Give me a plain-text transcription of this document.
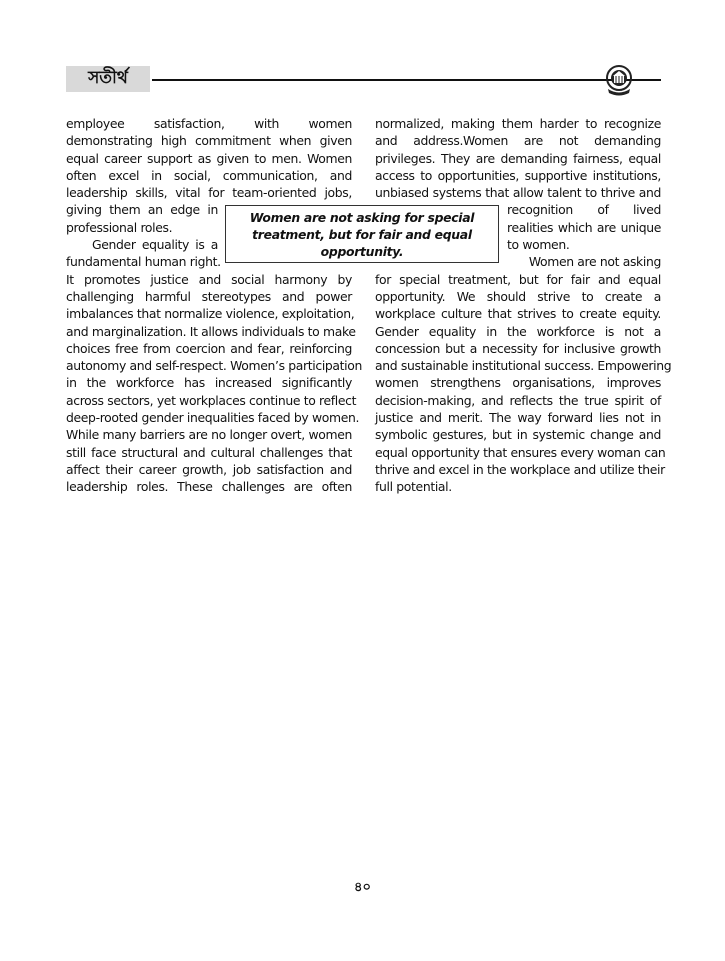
সতীৰ্থ
employee satisfaction, with women
demonstrating high commitment when given
equal career support as given to men. Women
often excel in social, communication, and
leadership skills, vital for team-oriented jobs,
giving them an edge in
professional roles.
Gender equality is a
fundamental human right.
It promotes justice and social harmony by
challenging harmful stereotypes and power
imbalances that normalize violence, exploitation,
and marginalization. It allows individuals to make
choices free from coercion and fear, reinforcing
autonomy and self-respect. Women’s participation
in the workforce has increased significantly
across sectors, yet workplaces continue to reflect
deep-rooted gender inequalities faced by women.
While many barriers are no longer overt, women
still face structural and cultural challenges that
affect their career growth, job satisfaction and
leadership roles. These challenges are often
normalized, making them harder to recognize
and address.Women are not demanding
privileges. They are demanding fairness, equal
access to opportunities, supportive institutions,
unbiased systems that allow talent to thrive and
recognition of lived
realities which are unique
to women.
Women are not asking
for special treatment, but for fair and equal
opportunity. We should strive to create a
workplace culture that strives to create equity.
Gender equality in the workforce is not a
concession but a necessity for inclusive growth
and sustainable institutional success. Empowering
women strengthens organisations, improves
decision-making, and reflects the true spirit of
justice and merit. The way forward lies not in
symbolic gestures, but in systemic change and
equal opportunity that ensures every woman can
thrive and excel in the workplace and utilize their
full potential.
Women are not asking for special treatment, but for fair and equal opportunity.
৪০
